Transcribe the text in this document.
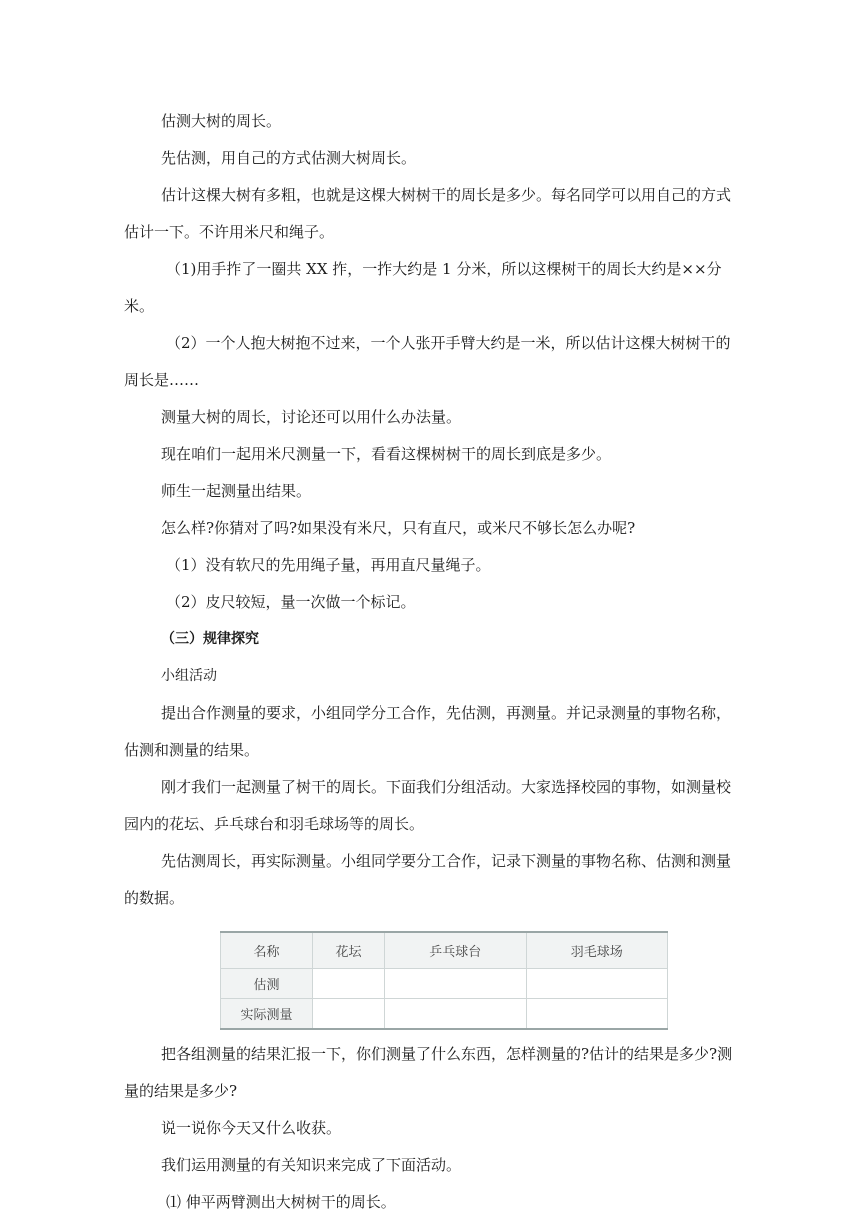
估测大树的周长。

先估测，用自己的方式估测大树周长。

估计这棵大树有多粗，也就是这棵大树树干的周长是多少。每名同学可以用自己的方式估计一下。不许用米尺和绳子。

（1)用手拃了一圈共 XX 拃，一拃大约是 1 分米，所以这棵树干的周长大约是××分米。

（2）一个人抱大树抱不过来，一个人张开手臂大约是一米，所以估计这棵大树树干的周长是……

测量大树的周长，讨论还可以用什么办法量。

现在咱们一起用米尺测量一下，看看这棵树树干的周长到底是多少。

师生一起测量出结果。

怎么样?你猜对了吗?如果没有米尺，只有直尺，或米尺不够长怎么办呢?

（1）没有软尺的先用绳子量，再用直尺量绳子。

（2）皮尺较短，量一次做一个标记。

（三）规律探究

小组活动

提出合作测量的要求，小组同学分工合作，先估测，再测量。并记录测量的事物名称，估测和测量的结果。

刚才我们一起测量了树干的周长。下面我们分组活动。大家选择校园的事物，如测量校园内的花坛、乒乓球台和羽毛球场等的周长。

先估测周长，再实际测量。小组同学要分工合作，记录下测量的事物名称、估测和测量的数据。

名称	花坛	乒乓球台	羽毛球场
估测			
实际测量			

把各组测量的结果汇报一下，你们测量了什么东西，怎样测量的?估计的结果是多少?测量的结果是多少?

说一说你今天又什么收获。

我们运用测量的有关知识来完成了下面活动。

⑴ 伸平两臂测出大树树干的周长。
